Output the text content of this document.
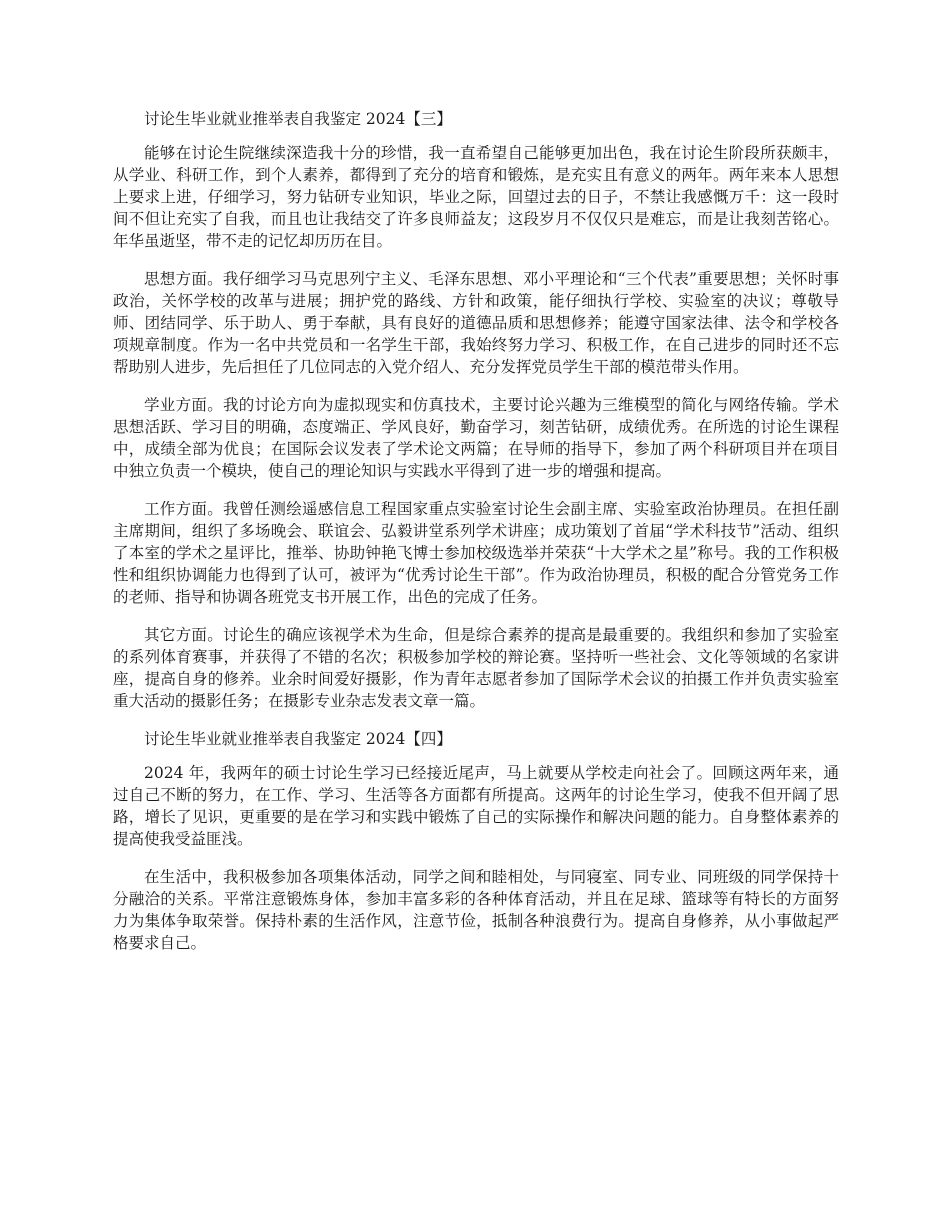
讨论生毕业就业推举表自我鉴定 2024【三】

能够在讨论生院继续深造我十分的珍惜，我一直希望自己能够更加出色，我在讨论生阶段所获颇丰，从学业、科研工作，到个人素养，都得到了充分的培育和锻炼，是充实且有意义的两年。两年来本人思想上要求上进，仔细学习，努力钻研专业知识，毕业之际，回望过去的日子，不禁让我感慨万千：这一段时间不但让充实了自我，而且也让我结交了许多良师益友；这段岁月不仅仅只是难忘，而是让我刻苦铭心。年华虽逝坚，带不走的记忆却历历在目。

思想方面。我仔细学习马克思列宁主义、毛泽东思想、邓小平理论和“三个代表”重要思想；关怀时事政治，关怀学校的改革与进展；拥护党的路线、方针和政策，能仔细执行学校、实验室的决议；尊敬导师、团结同学、乐于助人、勇于奉献，具有良好的道德品质和思想修养；能遵守国家法律、法令和学校各项规章制度。作为一名中共党员和一名学生干部，我始终努力学习、积极工作，在自己进步的同时还不忘帮助别人进步，先后担任了几位同志的入党介绍人、充分发挥党员学生干部的模范带头作用。

学业方面。我的讨论方向为虚拟现实和仿真技术，主要讨论兴趣为三维模型的简化与网络传输。学术思想活跃、学习目的明确，态度端正、学风良好，勤奋学习，刻苦钻研，成绩优秀。在所选的讨论生课程中，成绩全部为优良；在国际会议发表了学术论文两篇；在导师的指导下，参加了两个科研项目并在项目中独立负责一个模块，使自己的理论知识与实践水平得到了进一步的增强和提高。

工作方面。我曾任测绘遥感信息工程国家重点实验室讨论生会副主席、实验室政治协理员。在担任副主席期间，组织了多场晚会、联谊会、弘毅讲堂系列学术讲座；成功策划了首届“学术科技节”活动、组织了本室的学术之星评比，推举、协助钟艳飞博士参加校级选举并荣获“十大学术之星”称号。我的工作积极性和组织协调能力也得到了认可，被评为“优秀讨论生干部”。作为政治协理员，积极的配合分管党务工作的老师、指导和协调各班党支书开展工作，出色的完成了任务。

其它方面。讨论生的确应该视学术为生命，但是综合素养的提高是最重要的。我组织和参加了实验室的系列体育赛事，并获得了不错的名次；积极参加学校的辩论赛。坚持听一些社会、文化等领域的名家讲座，提高自身的修养。业余时间爱好摄影，作为青年志愿者参加了国际学术会议的拍摄工作并负责实验室重大活动的摄影任务；在摄影专业杂志发表文章一篇。

讨论生毕业就业推举表自我鉴定 2024【四】

2024 年，我两年的硕士讨论生学习已经接近尾声，马上就要从学校走向社会了。回顾这两年来，通过自己不断的努力，在工作、学习、生活等各方面都有所提高。这两年的讨论生学习，使我不但开阔了思路，增长了见识，更重要的是在学习和实践中锻炼了自己的实际操作和解决问题的能力。自身整体素养的提高使我受益匪浅。

在生活中，我积极参加各项集体活动，同学之间和睦相处，与同寝室、同专业、同班级的同学保持十分融洽的关系。平常注意锻炼身体，参加丰富多彩的各种体育活动，并且在足球、篮球等有特长的方面努力为集体争取荣誉。保持朴素的生活作风，注意节俭，抵制各种浪费行为。提高自身修养，从小事做起严格要求自己。
